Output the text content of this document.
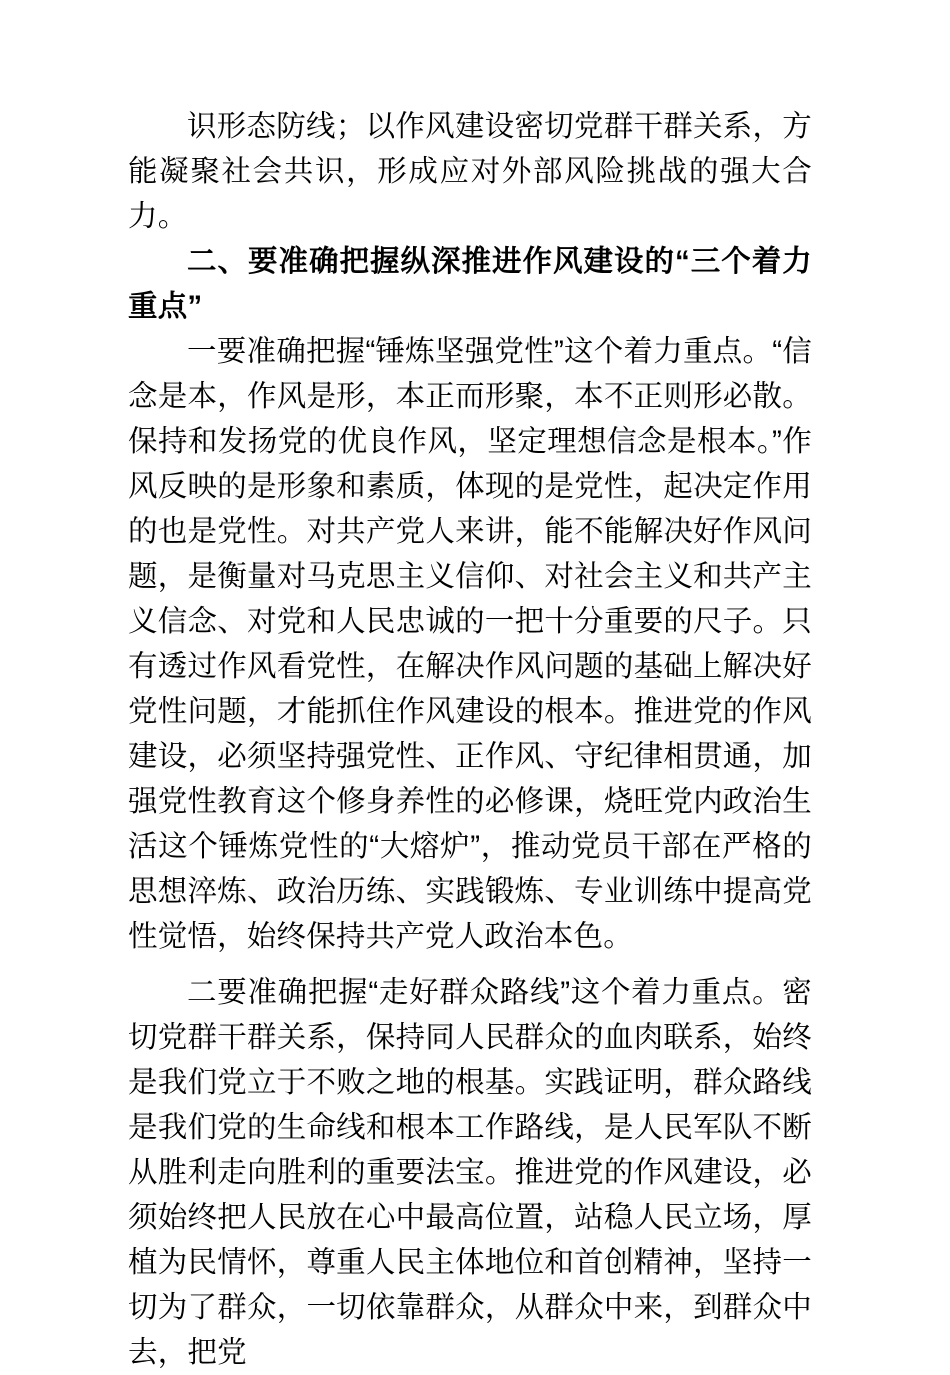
识形态防线；以作风建设密切党群干群关系，方能凝聚社会共识，形成应对外部风险挑战的强大合力。

二、要准确把握纵深推进作风建设的“三个着力重点”

一要准确把握“锤炼坚强党性”这个着力重点。“信念是本，作风是形，本正而形聚，本不正则形必散。保持和发扬党的优良作风，坚定理想信念是根本。”作风反映的是形象和素质，体现的是党性，起决定作用的也是党性。对共产党人来讲，能不能解决好作风问题，是衡量对马克思主义信仰、对社会主义和共产主义信念、对党和人民忠诚的一把十分重要的尺子。只有透过作风看党性，在解决作风问题的基础上解决好党性问题，才能抓住作风建设的根本。推进党的作风建设，必须坚持强党性、正作风、守纪律相贯通，加强党性教育这个修身养性的必修课，烧旺党内政治生活这个锤炼党性的“大熔炉”，推动党员干部在严格的思想淬炼、政治历练、实践锻炼、专业训练中提高党性觉悟，始终保持共产党人政治本色。

二要准确把握“走好群众路线”这个着力重点。密切党群干群关系，保持同人民群众的血肉联系，始终是我们党立于不败之地的根基。实践证明，群众路线是我们党的生命线和根本工作路线，是人民军队不断从胜利走向胜利的重要法宝。推进党的作风建设，必须始终把人民放在心中最高位置，站稳人民立场，厚植为民情怀，尊重人民主体地位和首创精神，坚持一切为了群众，一切依靠群众，从群众中来，到群众中去，把党
